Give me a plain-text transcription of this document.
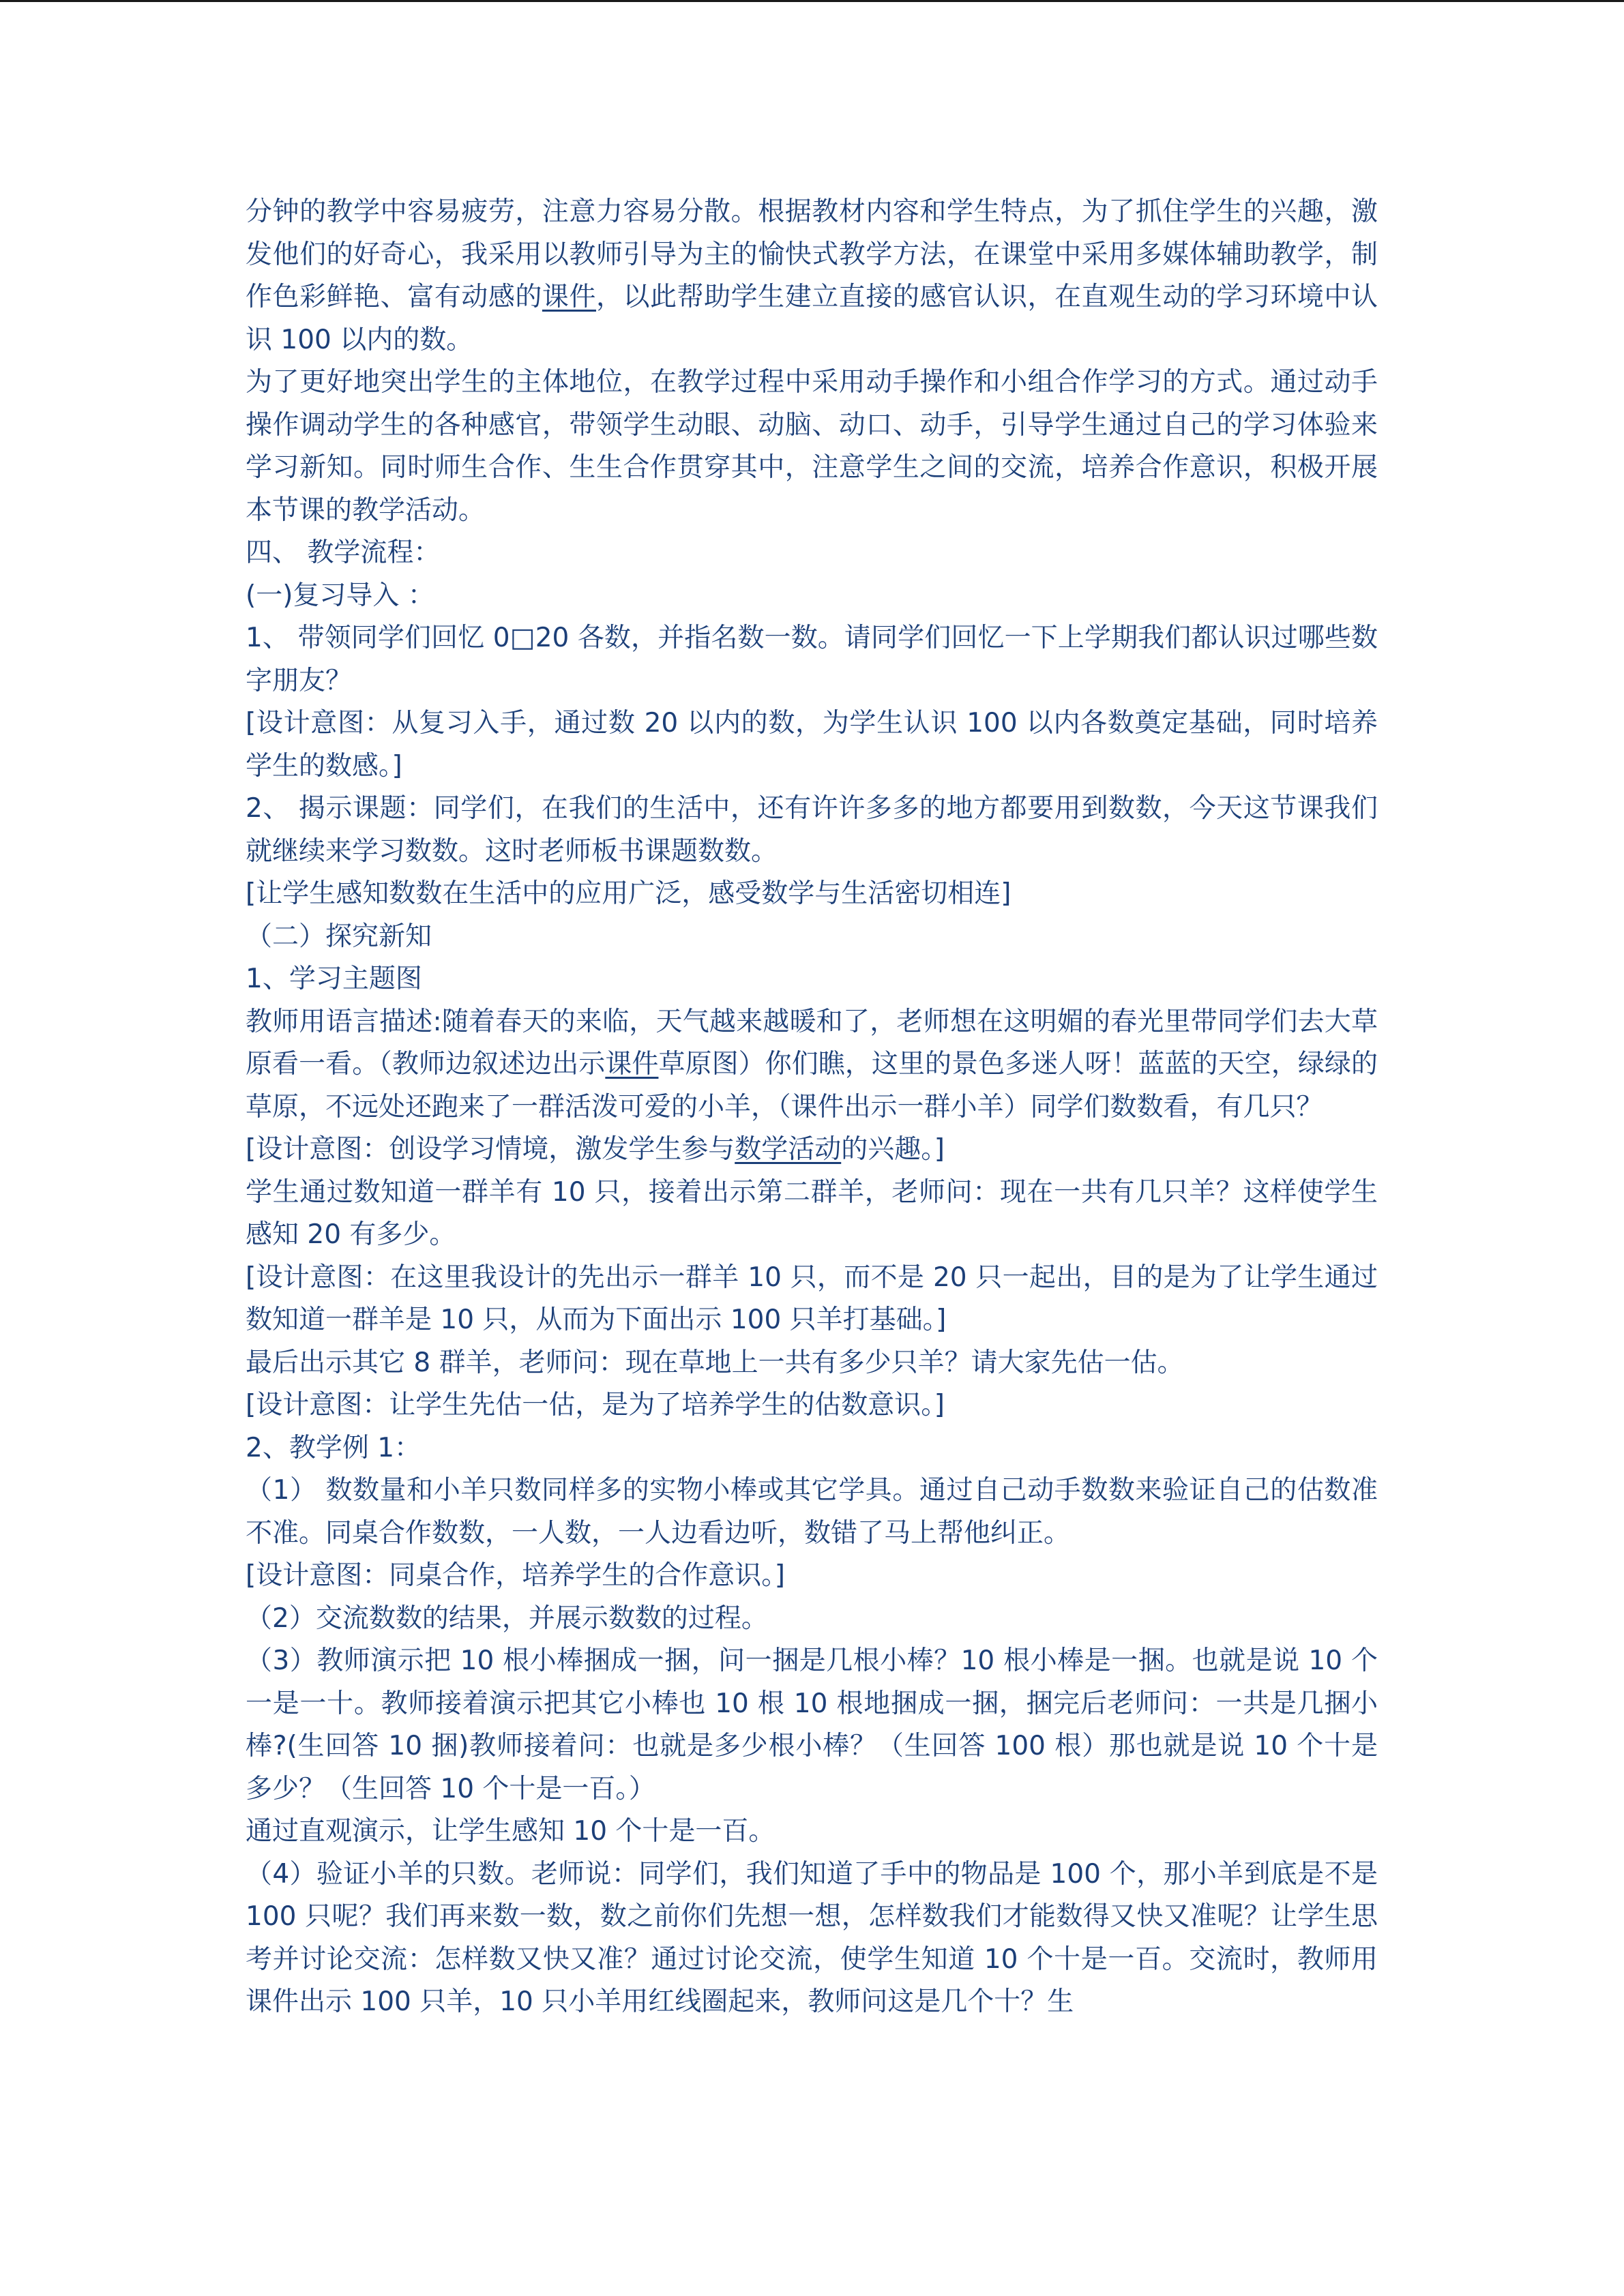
分钟的教学中容易疲劳，注意力容易分散。根据教材内容和学生特点，为了抓住学生的兴趣，激发他们的好奇心，我采用以教师引导为主的愉快式教学方法，在课堂中采用多媒体辅助教学，制作色彩鲜艳、富有动感的课件，以此帮助学生建立直接的感官认识，在直观生动的学习环境中认识 100 以内的数。

为了更好地突出学生的主体地位，在教学过程中采用动手操作和小组合作学习的方式。通过动手操作调动学生的各种感官，带领学生动眼、动脑、动口、动手，引导学生通过自己的学习体验来学习新知。同时师生合作、生生合作贯穿其中，注意学生之间的交流，培养合作意识，积极开展本节课的教学活动。

四、 教学流程：

(一)复习导入 ：

1、 带领同学们回忆 0□20 各数，并指名数一数。请同学们回忆一下上学期我们都认识过哪些数字朋友？

[设计意图：从复习入手，通过数 20 以内的数，为学生认识 100 以内各数奠定基础，同时培养学生的数感。]

2、 揭示课题：同学们，在我们的生活中，还有许许多多的地方都要用到数数，今天这节课我们就继续来学习数数。这时老师板书课题数数。

[让学生感知数数在生活中的应用广泛，感受数学与生活密切相连]

（二）探究新知

1、学习主题图

教师用语言描述:随着春天的来临，天气越来越暖和了，老师想在这明媚的春光里带同学们去大草原看一看。（教师边叙述边出示课件草原图）你们瞧，这里的景色多迷人呀！蓝蓝的天空，绿绿的草原，不远处还跑来了一群活泼可爱的小羊，（课件出示一群小羊）同学们数数看，有几只？

[设计意图：创设学习情境，激发学生参与数学活动的兴趣。]

学生通过数知道一群羊有 10 只，接着出示第二群羊，老师问：现在一共有几只羊？这样使学生感知 20 有多少。

[设计意图：在这里我设计的先出示一群羊 10 只，而不是 20 只一起出，目的是为了让学生通过数知道一群羊是 10 只，从而为下面出示 100 只羊打基础。]

最后出示其它 8 群羊，老师问：现在草地上一共有多少只羊？请大家先估一估。

[设计意图：让学生先估一估，是为了培养学生的估数意识。]

2、教学例 1：

（1） 数数量和小羊只数同样多的实物小棒或其它学具。通过自己动手数数来验证自己的估数准不准。同桌合作数数，一人数，一人边看边听，数错了马上帮他纠正。

[设计意图：同桌合作，培养学生的合作意识。]

（2）交流数数的结果，并展示数数的过程。

（3）教师演示把 10 根小棒捆成一捆，问一捆是几根小棒？10 根小棒是一捆。也就是说 10 个一是一十。教师接着演示把其它小棒也 10 根 10 根地捆成一捆，捆完后老师问：一共是几捆小棒?(生回答 10 捆)教师接着问：也就是多少根小棒？（生回答 100 根）那也就是说 10 个十是多少？（生回答 10 个十是一百。）

通过直观演示，让学生感知 10 个十是一百。

（4）验证小羊的只数。老师说：同学们，我们知道了手中的物品是 100 个，那小羊到底是不是 100 只呢？我们再来数一数，数之前你们先想一想，怎样数我们才能数得又快又准呢？让学生思考并讨论交流：怎样数又快又准？通过讨论交流，使学生知道 10 个十是一百。交流时，教师用课件出示 100 只羊，10 只小羊用红线圈起来，教师问这是几个十？生
